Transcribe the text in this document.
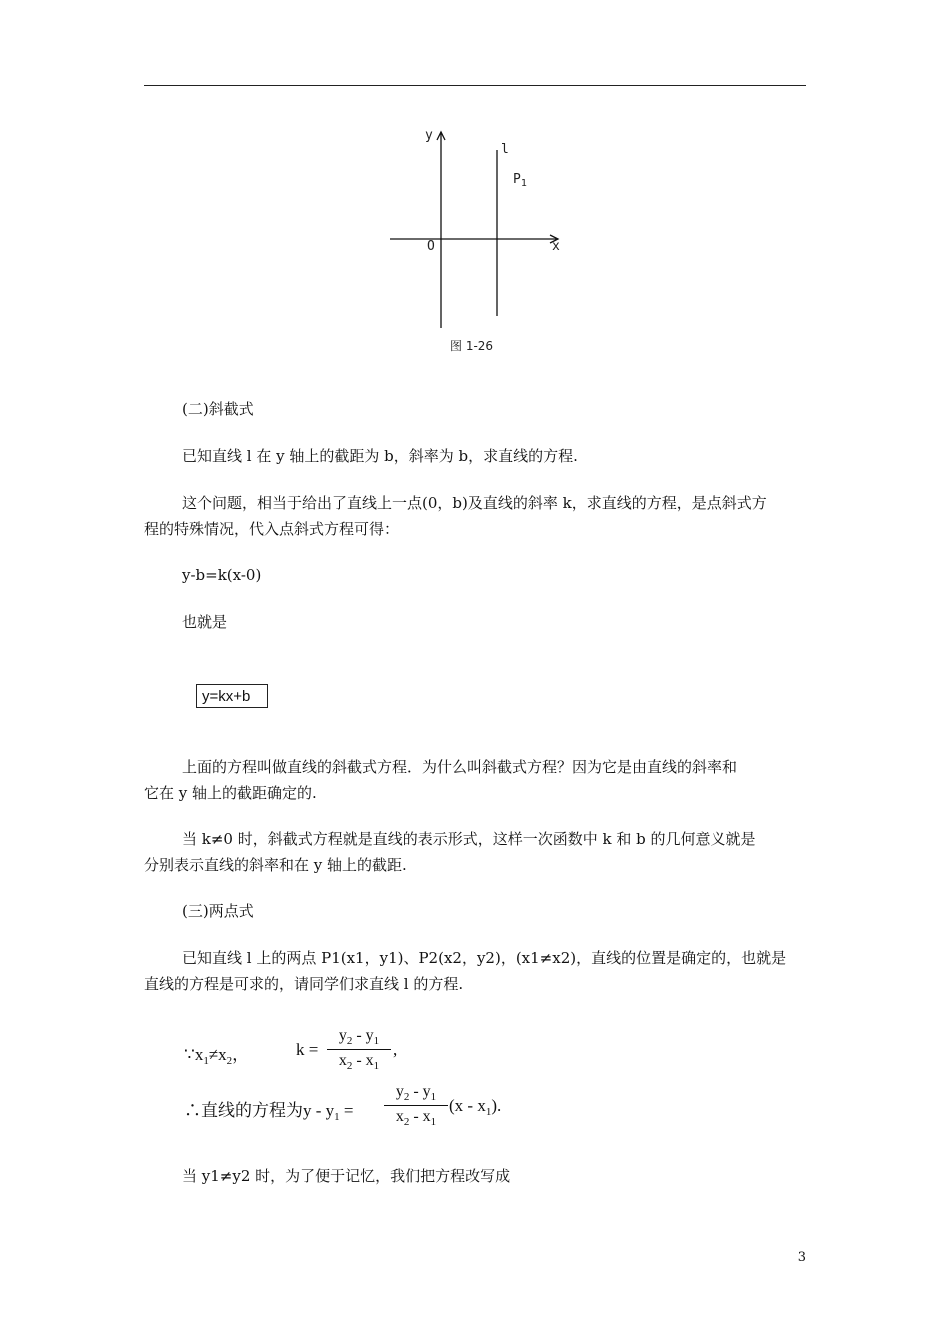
y
x
O
l
$P_1$
图 1-26
(二)斜截式
已知直线 l 在 y 轴上的截距为 b，斜率为 b，求直线的方程.
这个问题，相当于给出了直线上一点(0，b)及直线的斜率 k，求直线的方程，是点斜式方
程的特殊情况，代入点斜式方程可得：
y-b=k(x-0)
也就是
y=kx+b
上面的方程叫做直线的斜截式方程．为什么叫斜截式方程？因为它是由直线的斜率和
它在 y 轴上的截距确定的.
当 k≠0 时，斜截式方程就是直线的表示形式，这样一次函数中 k 和 b 的几何意义就是
分别表示直线的斜率和在 y 轴上的截距.
(三)两点式
已知直线 l 上的两点 P1(x1，y1)、P2(x2，y2)，(x1≠x2)，直线的位置是确定的，也就是
直线的方程是可求的，请同学们求直线 l 的方程.
$\because x_1\ne x_2$，	k =
$y_2 - y_1$
$x_2 - x_1$
,
∴直线的方程为y - $y_1$ =
$y_2 - y_1$
$x_2 - x_1$
$(x - x_1)$.
当 y1≠y2 时，为了便于记忆，我们把方程改写成
3
